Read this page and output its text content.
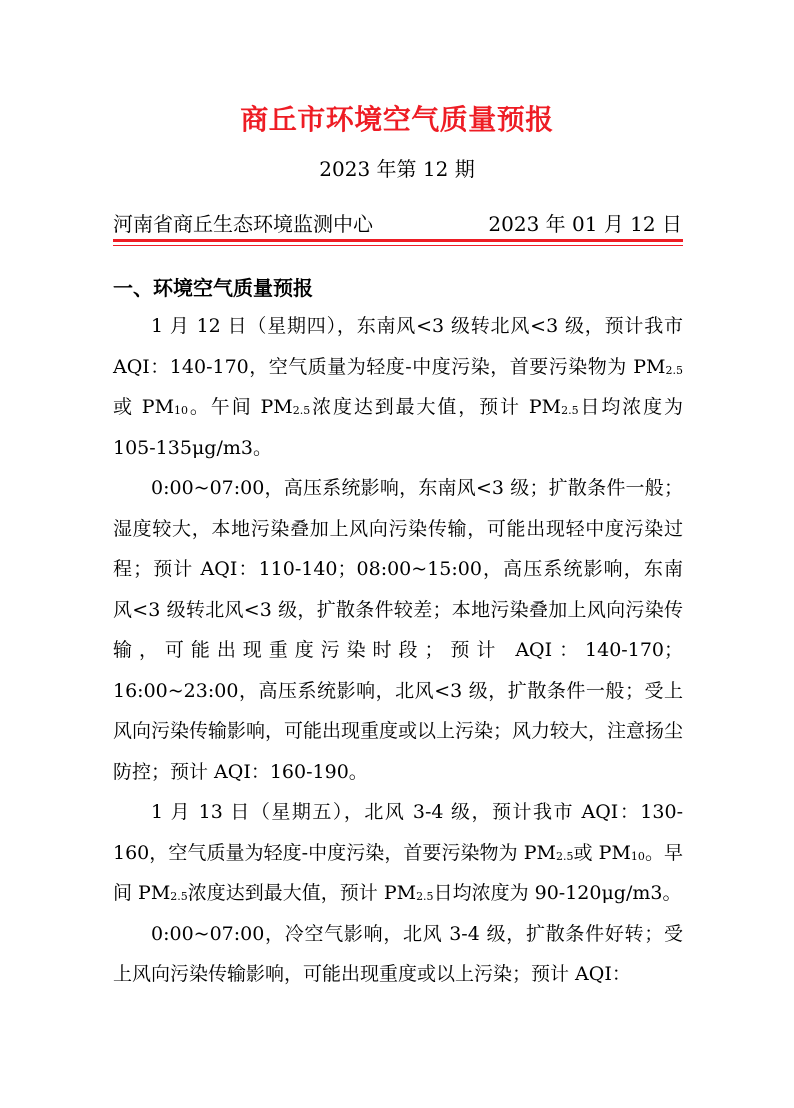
商丘市环境空气质量预报
2023 年第 12 期
河南省商丘生态环境监测中心	2023 年 01 月 12 日
一、环境空气质量预报

1 月 12 日（星期四），东南风<3 级转北风<3 级，预计我市 AQI：140-170，空气质量为轻度-中度污染，首要污染物为 $PM_{2.5}$或 $PM_{10}$。午间 $PM_{2.5}$浓度达到最大值，预计 $PM_{2.5}$日均浓度为 105-135μg/m3。

0:00~07:00，高压系统影响，东南风<3 级；扩散条件一般；湿度较大，本地污染叠加上风向污染传输，可能出现轻中度污染过程；预计 AQI：110-140；08:00~15:00，高压系统影响，东南风<3 级转北风<3 级，扩散条件较差；本地污染叠加上风向污染传输，可能出现重度污染时段；预计 AQI：140-170；16:00~23:00，高压系统影响，北风<3 级，扩散条件一般；受上风向污染传输影响，可能出现重度或以上污染；风力较大，注意扬尘防控；预计 AQI：160-190。

1 月 13 日（星期五），北风 3-4 级，预计我市 AQI：130-160，空气质量为轻度-中度污染，首要污染物为 $PM_{2.5}$或 $PM_{10}$。早间 $PM_{2.5}$浓度达到最大值，预计 $PM_{2.5}$日均浓度为 90-120μg/m3。

0:00~07:00，冷空气影响，北风 3-4 级，扩散条件好转；受上风向污染传输影响，可能出现重度或以上污染；预计 AQI：
